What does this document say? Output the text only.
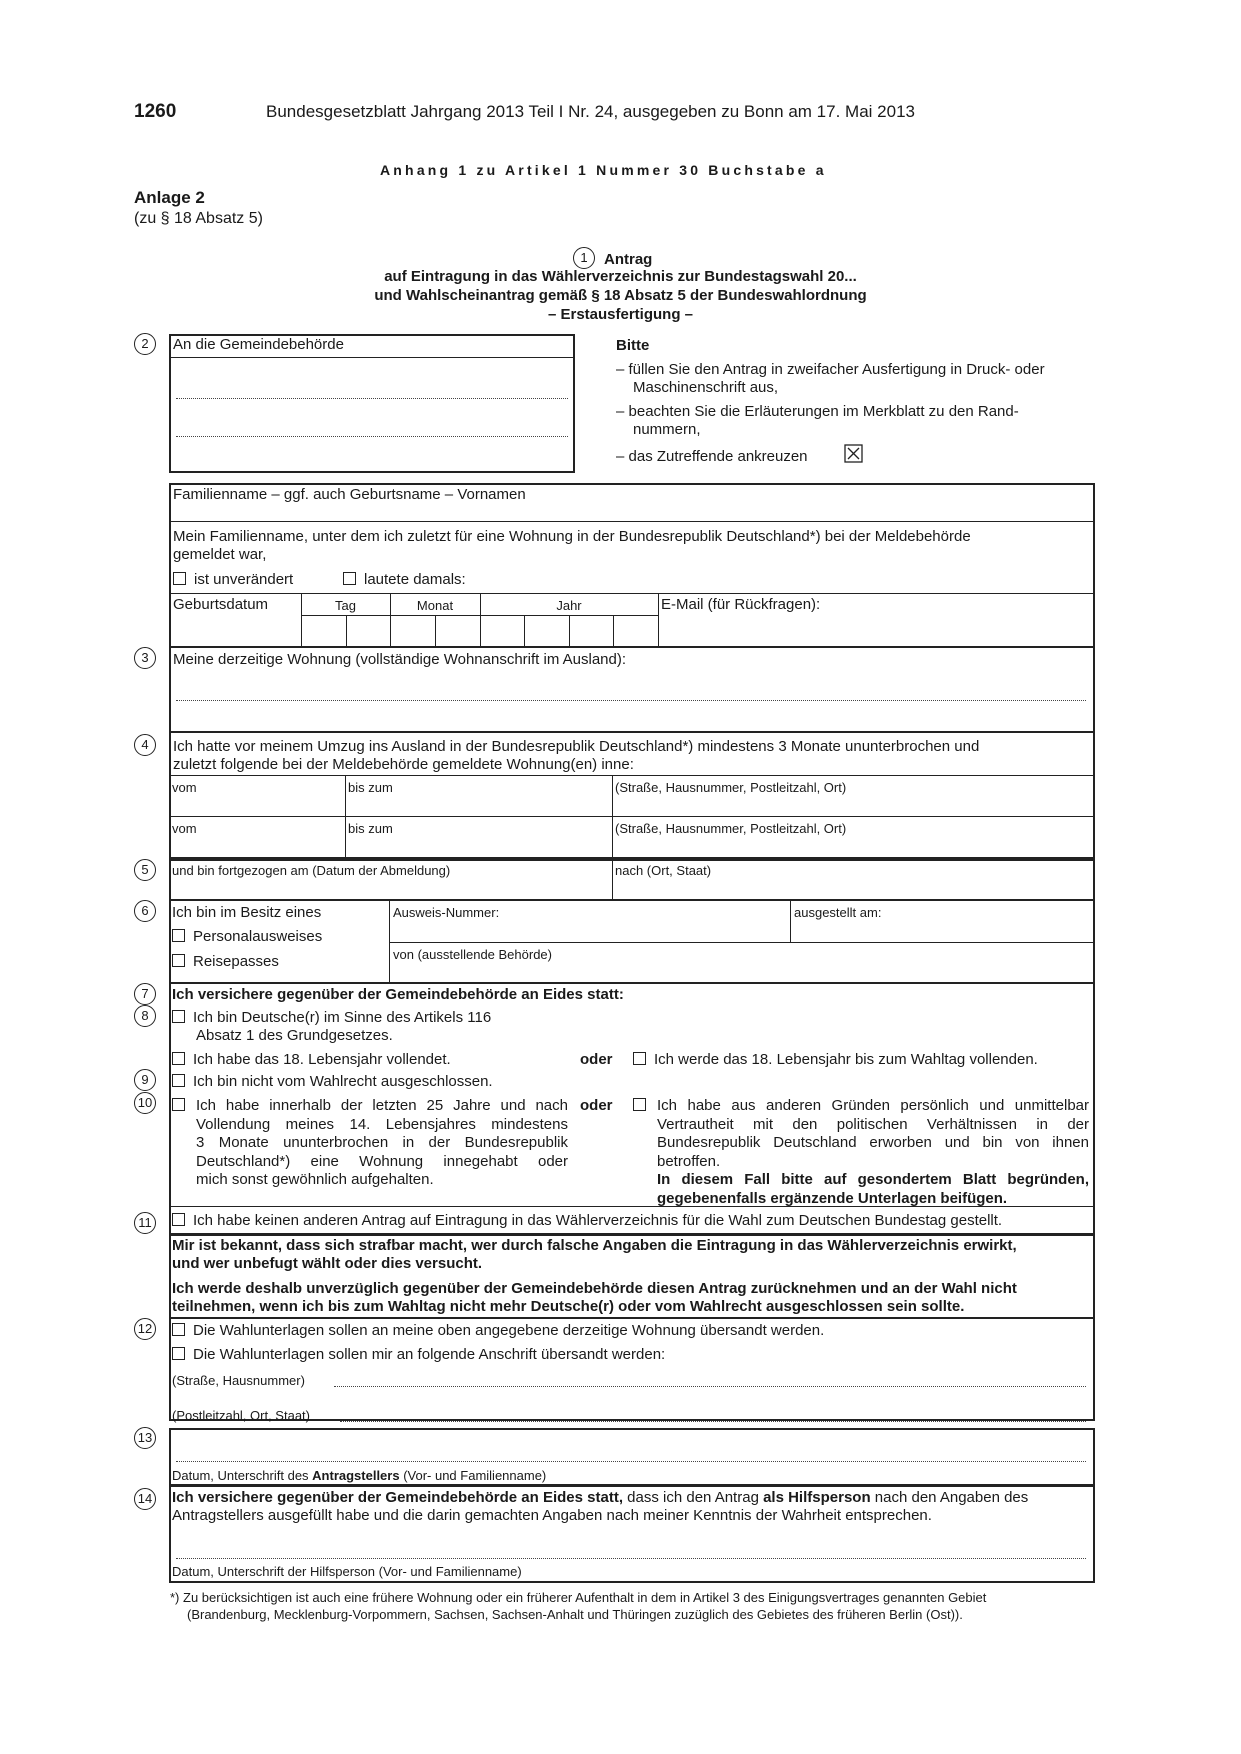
1260	Bundesgesetzblatt Jahrgang 2013 Teil I Nr. 24, ausgegeben zu Bonn am 17. Mai 2013
Anhang 1 zu Artikel 1 Nummer 30 Buchstabe a
Anlage 2
(zu § 18 Absatz 5)
1	Antrag
auf Eintragung in das Wählerverzeichnis zur Bundestagswahl 20...
und Wahlscheinantrag gemäß § 18 Absatz 5 der Bundeswahlordnung
– Erstausfertigung –
2	An die Gemeindebehörde	Bitte
– füllen Sie den Antrag in zweifacher Ausfertigung in Druck- oder
Maschinenschrift aus,
– beachten Sie die Erläuterungen im Merkblatt zu den Rand-
nummern,
– das Zutreffende ankreuzen
Familienname – ggf. auch Geburtsname – Vornamen
Mein Familienname, unter dem ich zuletzt für eine Wohnung in der Bundesrepublik Deutschland*) bei der Meldebehörde
gemeldet war,
ist unverändert	lautete damals:
Geburtsdatum	Tag	Monat	Jahr	E-Mail (für Rückfragen):
3	Meine derzeitige Wohnung (vollständige Wohnanschrift im Ausland):
4	Ich hatte vor meinem Umzug ins Ausland in der Bundesrepublik Deutschland*) mindestens 3 Monate ununterbrochen und
zuletzt folgende bei der Meldebehörde gemeldete Wohnung(en) inne:
vom	bis zum	(Straße, Hausnummer, Postleitzahl, Ort)
vom	bis zum	(Straße, Hausnummer, Postleitzahl, Ort)
5	und bin fortgezogen am (Datum der Abmeldung)	nach (Ort, Staat)
6	Ich bin im Besitz eines
Personalausweises
Reisepasses
Ausweis-Nummer:	ausgestellt am:
von (ausstellende Behörde)
7
8
9
10
11
Ich versichere gegenüber der Gemeindebehörde an Eides statt:
Ich bin Deutsche(r) im Sinne des Artikels 116
Absatz 1 des Grundgesetzes.
Ich habe das 18. Lebensjahr vollendet.	oder	Ich werde das 18. Lebensjahr bis zum Wahltag vollenden.
Ich bin nicht vom Wahlrecht ausgeschlossen.
Ich habe innerhalb der letzten 25 Jahre und nach
Vollendung meines 14. Lebensjahres mindestens
3 Monate ununterbrochen in der Bundesrepublik
Deutschland*) eine Wohnung innegehabt oder
mich sonst gewöhnlich aufgehalten.
oder	Ich habe aus anderen Gründen persönlich und unmittelbar
Vertrautheit mit den politischen Verhältnissen in der
Bundesrepublik Deutschland erworben und bin von ihnen
betroffen.
In diesem Fall bitte auf gesondertem Blatt begründen,
gegebenenfalls ergänzende Unterlagen beifügen.
Ich habe keinen anderen Antrag auf Eintragung in das Wählerverzeichnis für die Wahl zum Deutschen Bundestag gestellt.
Mir ist bekannt, dass sich strafbar macht, wer durch falsche Angaben die Eintragung in das Wählerverzeichnis erwirkt,
und wer unbefugt wählt oder dies versucht.
Ich werde deshalb unverzüglich gegenüber der Gemeindebehörde diesen Antrag zurücknehmen und an der Wahl nicht
teilnehmen, wenn ich bis zum Wahltag nicht mehr Deutsche(r) oder vom Wahlrecht ausgeschlossen sein sollte.
12	Die Wahlunterlagen sollen an meine oben angegebene derzeitige Wohnung übersandt werden.
Die Wahlunterlagen sollen mir an folgende Anschrift übersandt werden:
(Straße, Hausnummer)
(Postleitzahl, Ort, Staat)
13
Datum, Unterschrift des Antragstellers (Vor- und Familienname)
14 Ich versichere gegenüber der Gemeindebehörde an Eides statt, dass ich den Antrag als Hilfsperson nach den Angaben des
Antragstellers ausgefüllt habe und die darin gemachten Angaben nach meiner Kenntnis der Wahrheit entsprechen.
Datum, Unterschrift der Hilfsperson (Vor- und Familienname)
*) Zu berücksichtigen ist auch eine frühere Wohnung oder ein früherer Aufenthalt in dem in Artikel 3 des Einigungsvertrages genannten Gebiet
(Brandenburg, Mecklenburg-Vorpommern, Sachsen, Sachsen-Anhalt und Thüringen zuzüglich des Gebietes des früheren Berlin (Ost)).
